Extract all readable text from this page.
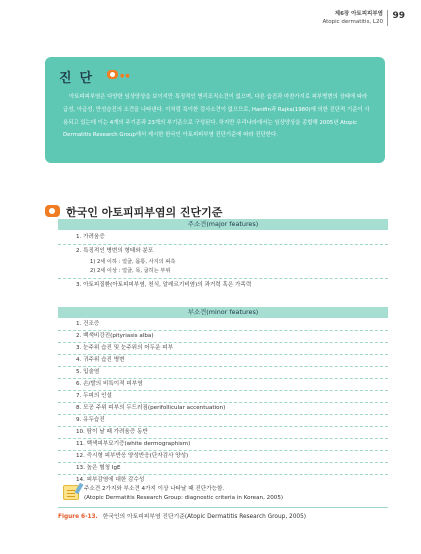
제6장 아토피피부염
Atopic dermatitis, L20
99
진단	●●
아토피피부염은 다양한 임상양상을 보이지만 특징적인 병리조직소견이 없으며, 다른 습진과 마찬가지로 피부병변의 상태에 따라 급성, 아급성, 만성습진의 소견을 나타낸다. 이처럼 특이한 검사소견이 없으므로, Hanifin과 Rajka(1980)에 의한 진단적 기준이 사용되고 있는데 이는 4개의 주기준과 23개의 부기준으로 구성된다. 하지만 우리나라에서는 임상양상을 종합해 2005년 Atopic Dermatitis Research Group에서 제시한 한국인 아토피피부염 진단기준에 따라 진단한다.
한국인 아토피피부염의 진단기준
주소견(major features)
1. 가려움증
2. 특징적인 병변의 형태와 분포
1) 2세 이하 : 얼굴, 몸통, 사지의 펴측
2) 2세 이상 : 얼굴, 목, 굽히는 부위
3. 아토피질환(아토피피부염, 천식, 알레르기비염)의 과거력 혹은 가족력
부소견(minor features)
1. 건조증
2. 백색비강진(pityriasis alba)
3. 눈주위 습진 및 눈주위의 어두운 피부
4. 귀주위 습진 병변
5. 입술염
6. 손/발의 비특이적 피부염
7. 두피의 인설
8. 모공 주위 피부의 두드러짐(perifollicular accentuation)
9. 유두습진
10. 땀이 날 때 가려움증 동반
11. 백색피부묘기증(white dermographism)
12. 즉시형 피부반응 양성반응(단자검사 양성)
13. 높은 혈청 IgE
14. 피부감염에 대한 감수성
주소견 2가지와 부소견 4가지 이상 나타날 때 진단가능함.
(Atopic Dermatitis Research Group: diagnostic criteria in Korean, 2005)
Figure 6-13. 한국인의 아토피피부염 진단기준(Atopic Dermatitis Research Group, 2005)
